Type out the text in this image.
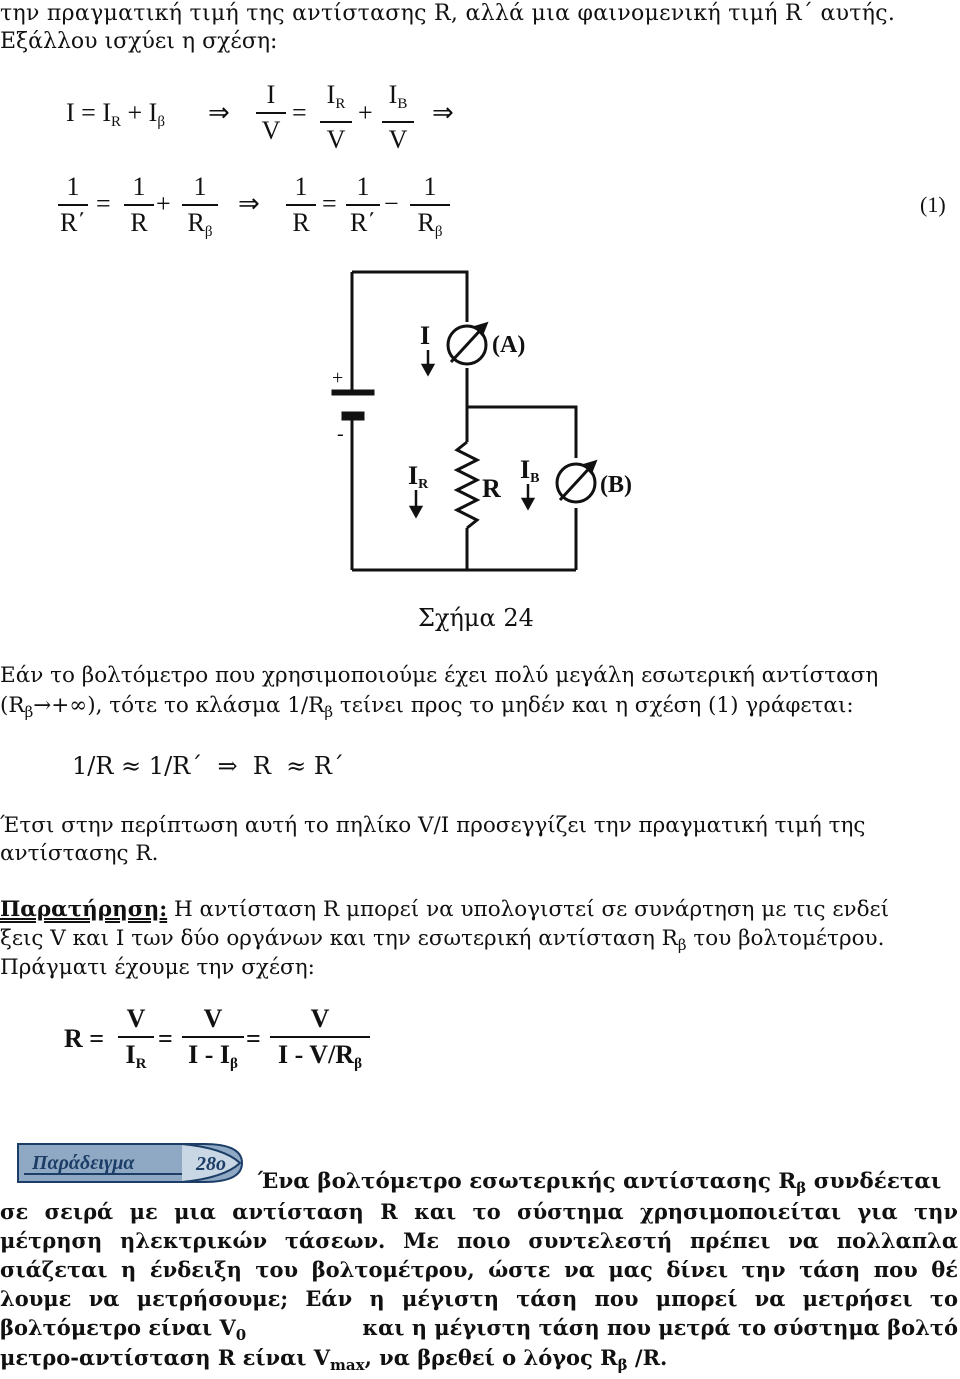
την πραγματική τιμή της αντίστασης R, αλλά μια φαινομενική τιμή R΄ αυτής.
Εξάλλου ισχύει η σχέση:
$I = I_R + I_\beta$ ⇒
I
V
=
$I_R$
V
+
$I_B$
V
⇒
1
R΄
=
1
R
+
1
$R_\beta$
⇒
1
R
=
1
R΄
−
1
$R_\beta$
(1)
+
-
I	(A)
IR R
IB	(B)
Σχήμα 24
Εάν το βολτόμετρο που χρησιμοποιούμε έχει πολύ μεγάλη εσωτερική αντίσταση
$(R_\beta\to+\infty)$, τότε το κλάσμα $1/R_\beta$ τείνει προς το μηδέν και η σχέση (1) γράφεται:
1/R ≈ 1/R΄  ⇒  R  ≈ R΄
Έτσι στην περίπτωση αυτή το πηλίκο V/I προσεγγίζει την πραγματική τιμή της
αντίστασης R.
Παρατήρηση: Η αντίσταση R μπορεί να υπολογιστεί σε συνάρτηση με τις ενδεί
ξεις V και I των δύο οργάνων και την εσωτερική αντίσταση $R_\beta$ του βολτομέτρου.
Πράγματι έχουμε την σχέση:
R =
V
$I_R$
=
V
I - $I_\beta$
=
V
I - $V/R_\beta$
Παράδειγμα	28ο
Ένα βολτόμετρο εσωτερικής αντίστασης $R_\beta$ συνδέεται
σε σειρά με μια αντίσταση R και το σύστημα χρησιμοποιείται για την
μέτρηση ηλεκτρικών τάσεων. Με ποιο συντελεστή πρέπει να πολλαπλα
σιάζεται η ένδειξη του βολτομέτρου, ώστε να μας δίνει την τάση που θέ
λουμε να μετρήσουμε; Εάν η μέγιστη τάση που μπορεί να μετρήσει το
βολτόμετρο είναι $V_0$	και η μέγιστη τάση που μετρά το σύστημα βολτό
μετρο-αντίσταση R είναι $V_{max}$, να βρεθεί ο λόγος $R_\beta$ /R.
